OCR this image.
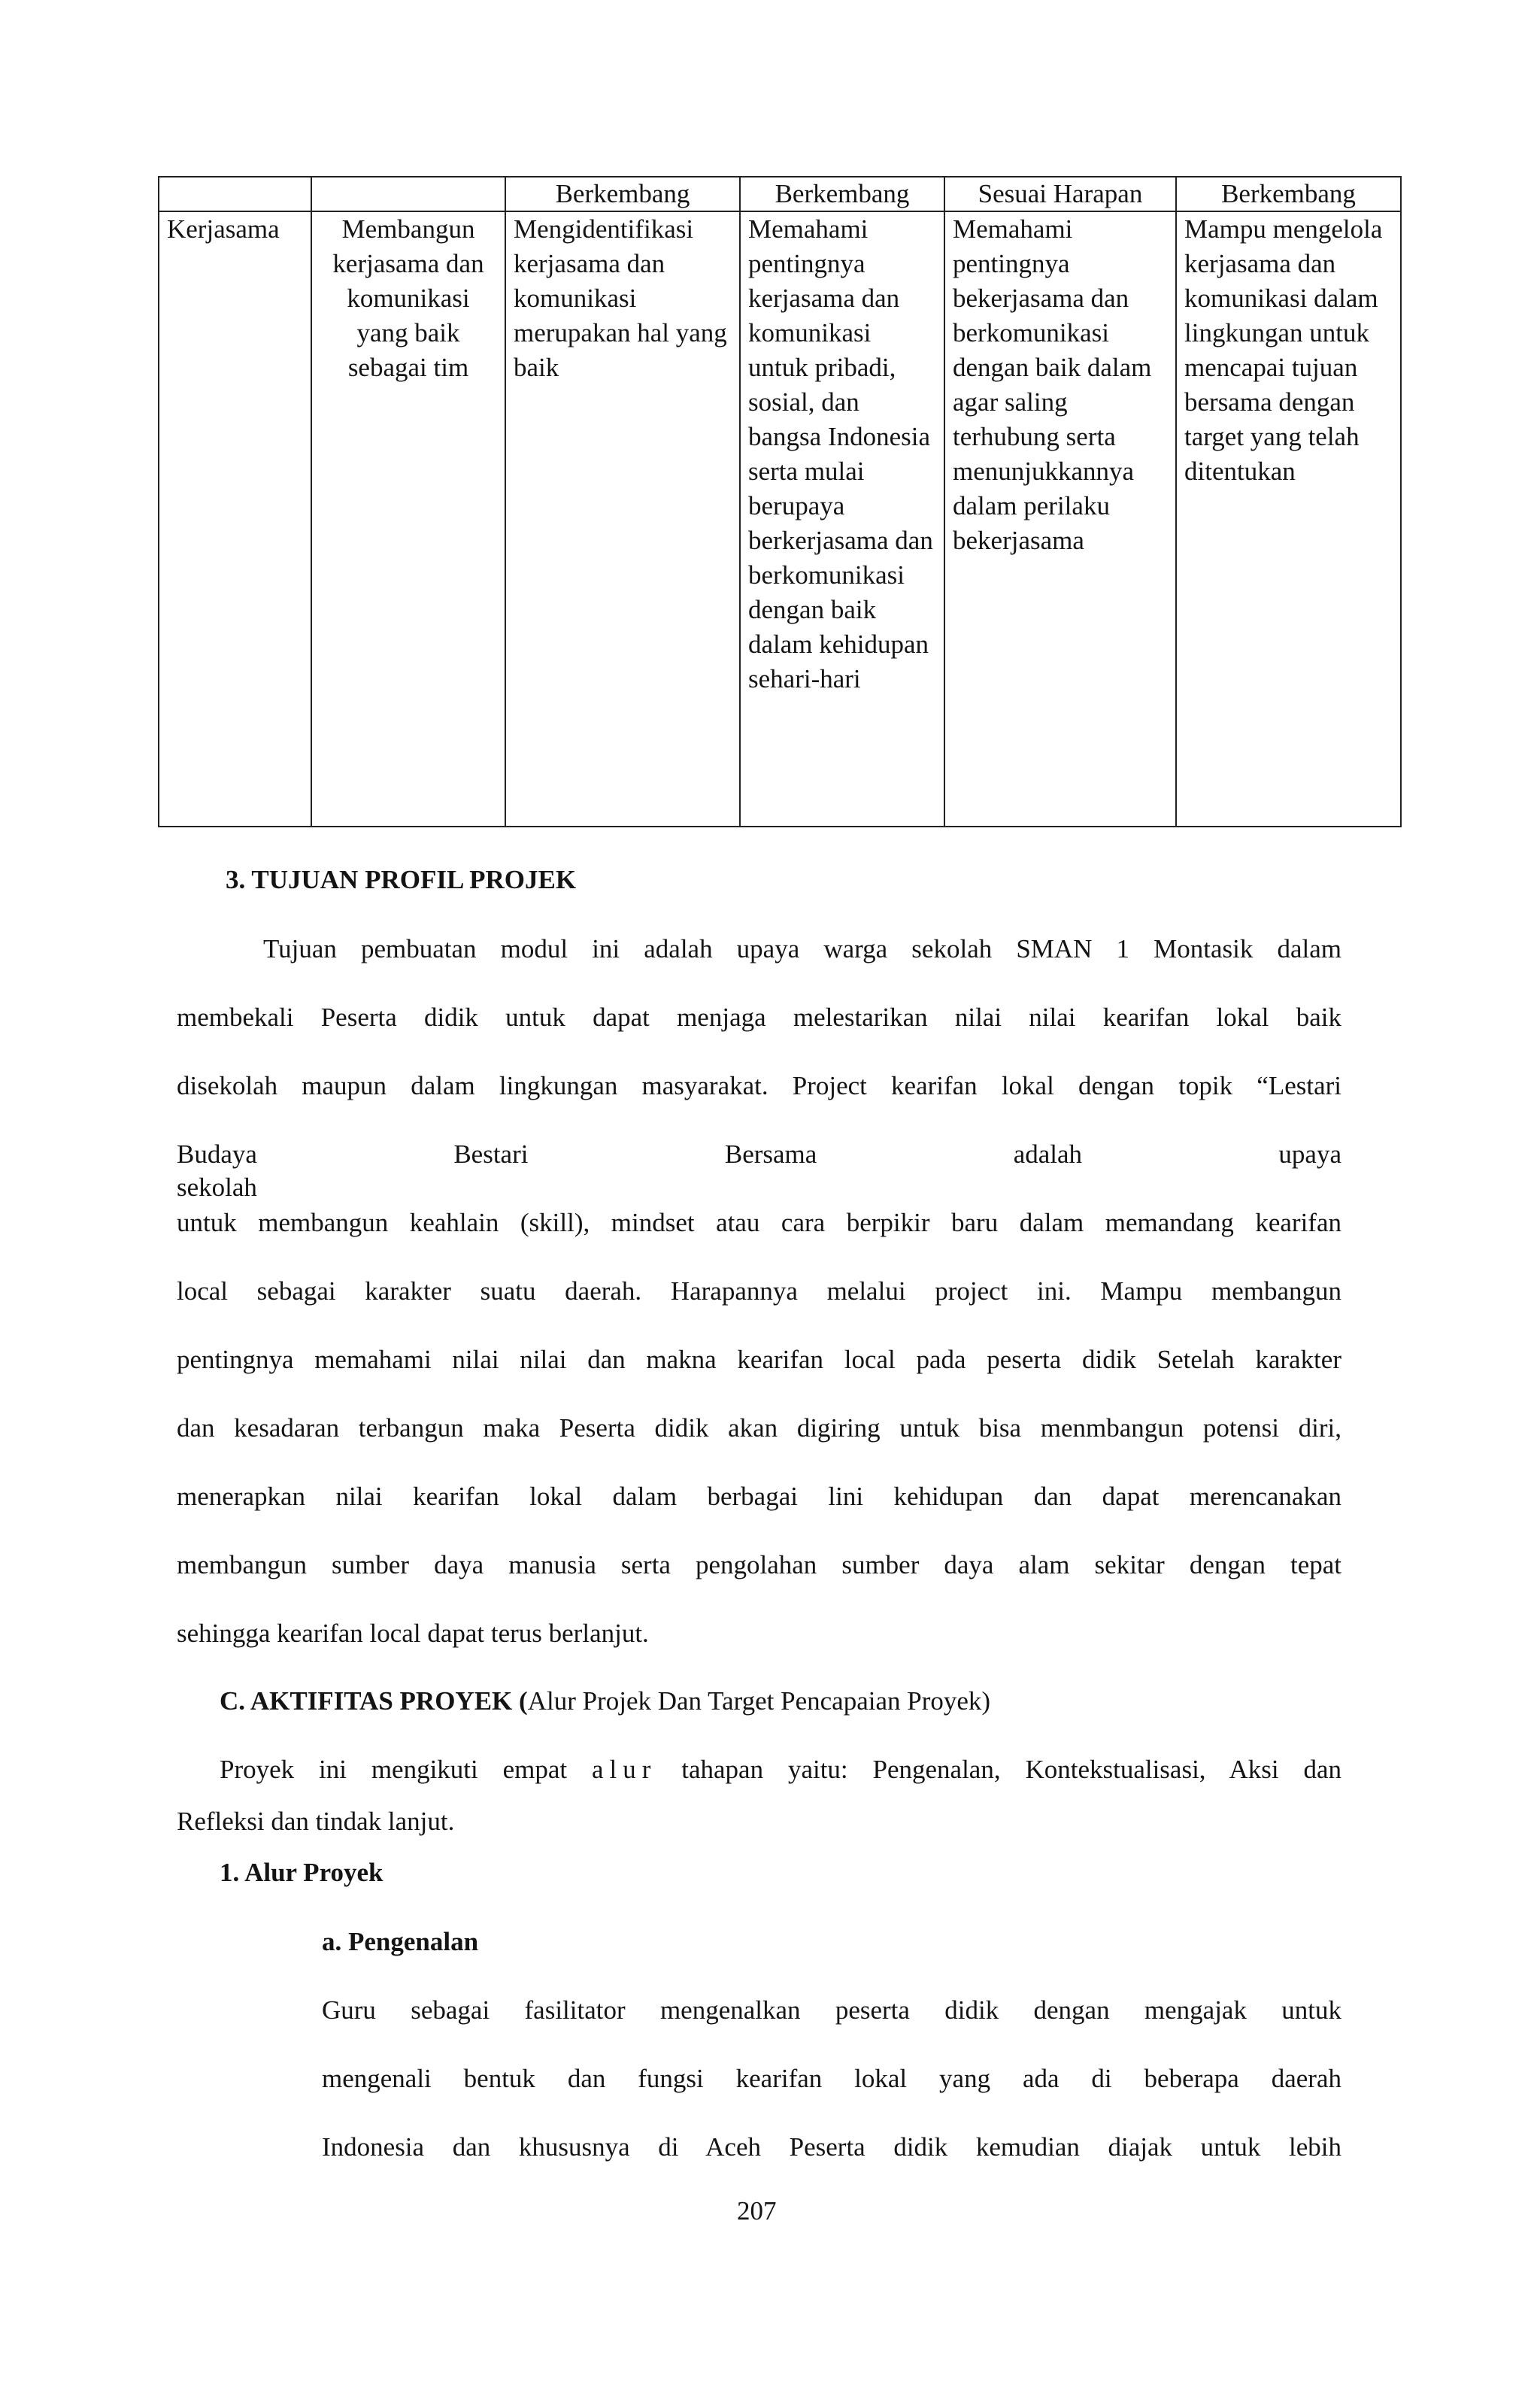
		Berkembang	Berkembang	Sesuai Harapan	Berkembang
Kerjasama	Membangun kerjasama dan komunikasi yang baik sebagai tim	Mengidentifikasi kerjasama dan komunikasi merupakan hal yang baik	Memahami pentingnya kerjasama dan komunikasi untuk pribadi, sosial, dan bangsa Indonesia serta mulai berupaya berkerjasama dan berkomunikasi dengan baik dalam kehidupan sehari-hari	Memahami pentingnya bekerjasama dan berkomunikasi dengan baik dalam agar saling terhubung serta menunjukkannya dalam perilaku bekerjasama	Mampu mengelola kerjasama dan komunikasi dalam lingkungan untuk mencapai tujuan bersama dengan target yang telah ditentukan
3. TUJUAN PROFIL PROJEK
Tujuan pembuatan modul ini adalah upaya warga sekolah SMAN 1 Montasik dalam
membekali Peserta didik untuk dapat menjaga melestarikan nilai nilai kearifan lokal baik
disekolah maupun dalam lingkungan masyarakat. Project kearifan lokal dengan topik “Lestari
Budaya Bestari Bersama adalah upaya sekolah
untuk membangun keahlain (skill), mindset atau cara berpikir baru dalam memandang kearifan
local sebagai karakter suatu daerah. Harapannya melalui project ini. Mampu membangun
pentingnya memahami nilai nilai dan makna kearifan local pada peserta didik Setelah karakter
dan kesadaran terbangun maka Peserta didik akan digiring untuk bisa menmbangun potensi diri,
menerapkan nilai kearifan lokal dalam berbagai lini kehidupan dan dapat merencanakan
membangun sumber daya manusia serta pengolahan sumber daya alam sekitar dengan tepat
sehingga kearifan local dapat terus berlanjut.
C. AKTIFITAS PROYEK (Alur Projek Dan Target Pencapaian Proyek)
Proyek ini mengikuti empat alur tahapan yaitu: Pengenalan, Kontekstualisasi, Aksi dan
Refleksi dan tindak lanjut.
1. Alur Proyek
a. Pengenalan
Guru sebagai fasilitator mengenalkan peserta didik dengan mengajak untuk
mengenali bentuk dan fungsi kearifan lokal yang ada di beberapa daerah
Indonesia dan khususnya di Aceh Peserta didik kemudian diajak untuk lebih
207
